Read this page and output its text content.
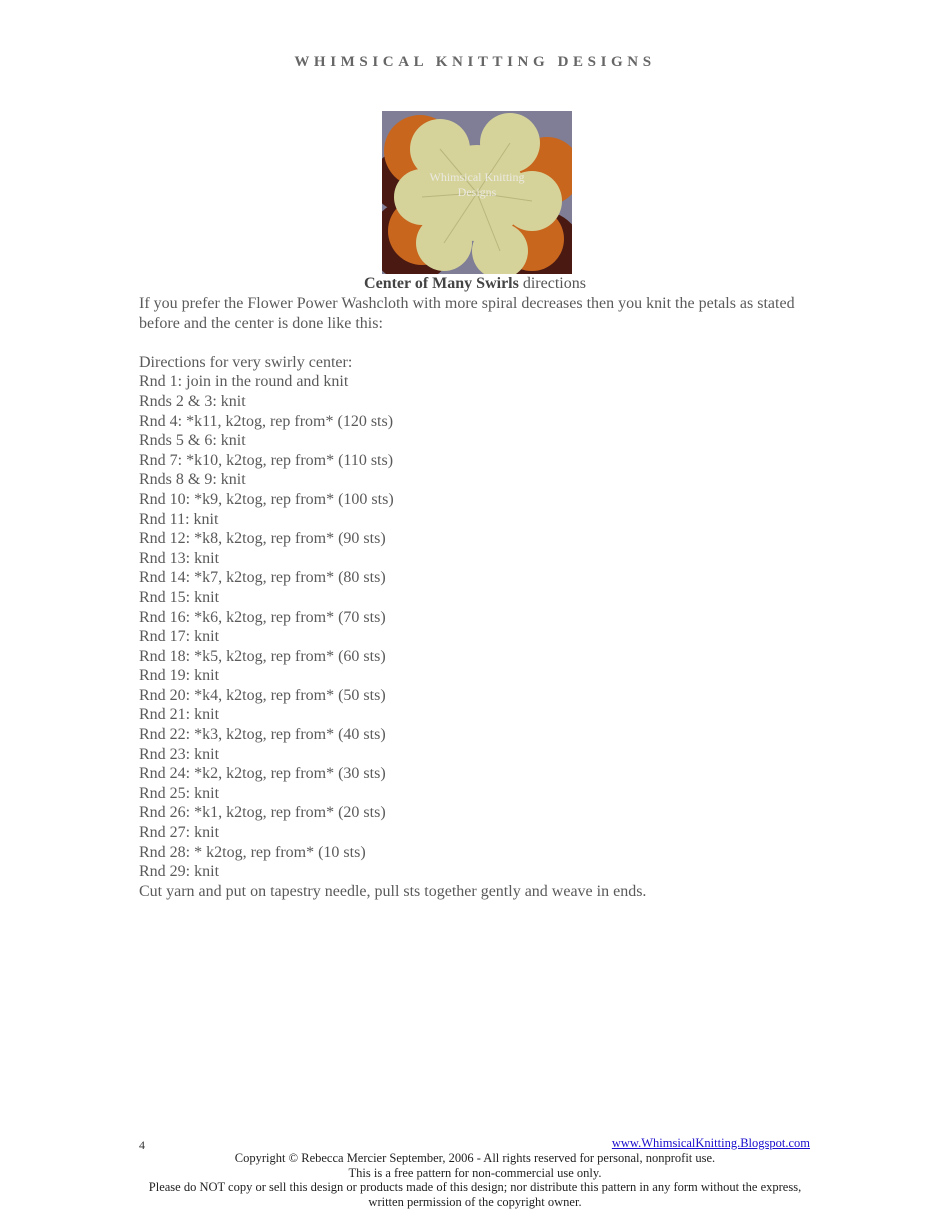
WHIMSICAL KNITTING DESIGNS
Whimsical Knitting
Designs
Center of Many Swirls directions

If you prefer the Flower Power Washcloth with more spiral decreases then you knit the petals as stated before and the center is done like this:

Directions for very swirly center:

Rnd 1: join in the round and knit

Rnds 2 & 3: knit

Rnd 4: *k11, k2tog, rep from* (120 sts)

Rnds 5 & 6: knit

Rnd 7: *k10, k2tog, rep from* (110 sts)

Rnds 8 & 9: knit

Rnd 10: *k9, k2tog, rep from* (100 sts)

Rnd 11: knit

Rnd 12: *k8, k2tog, rep from* (90 sts)

Rnd 13: knit

Rnd 14: *k7, k2tog, rep from* (80 sts)

Rnd 15: knit

Rnd 16: *k6, k2tog, rep from* (70 sts)

Rnd 17: knit

Rnd 18: *k5, k2tog, rep from* (60 sts)

Rnd 19: knit

Rnd 20: *k4, k2tog, rep from* (50 sts)

Rnd 21: knit

Rnd 22: *k3, k2tog, rep from* (40 sts)

Rnd 23: knit

Rnd 24: *k2, k2tog, rep from* (30 sts)

Rnd 25: knit

Rnd 26: *k1, k2tog, rep from* (20 sts)

Rnd 27: knit

Rnd 28: * k2tog, rep from* (10 sts)

Rnd 29: knit

Cut yarn and put on tapestry needle, pull sts together gently and weave in ends.

4	www.WhimsicalKnitting.Blogspot.com

Copyright © Rebecca Mercier September, 2006 - All rights reserved for personal, nonprofit use.

This is a free pattern for non-commercial use only.

Please do NOT copy or sell this design or products made of this design; nor distribute this pattern in any form without the express, written permission of the copyright owner.
